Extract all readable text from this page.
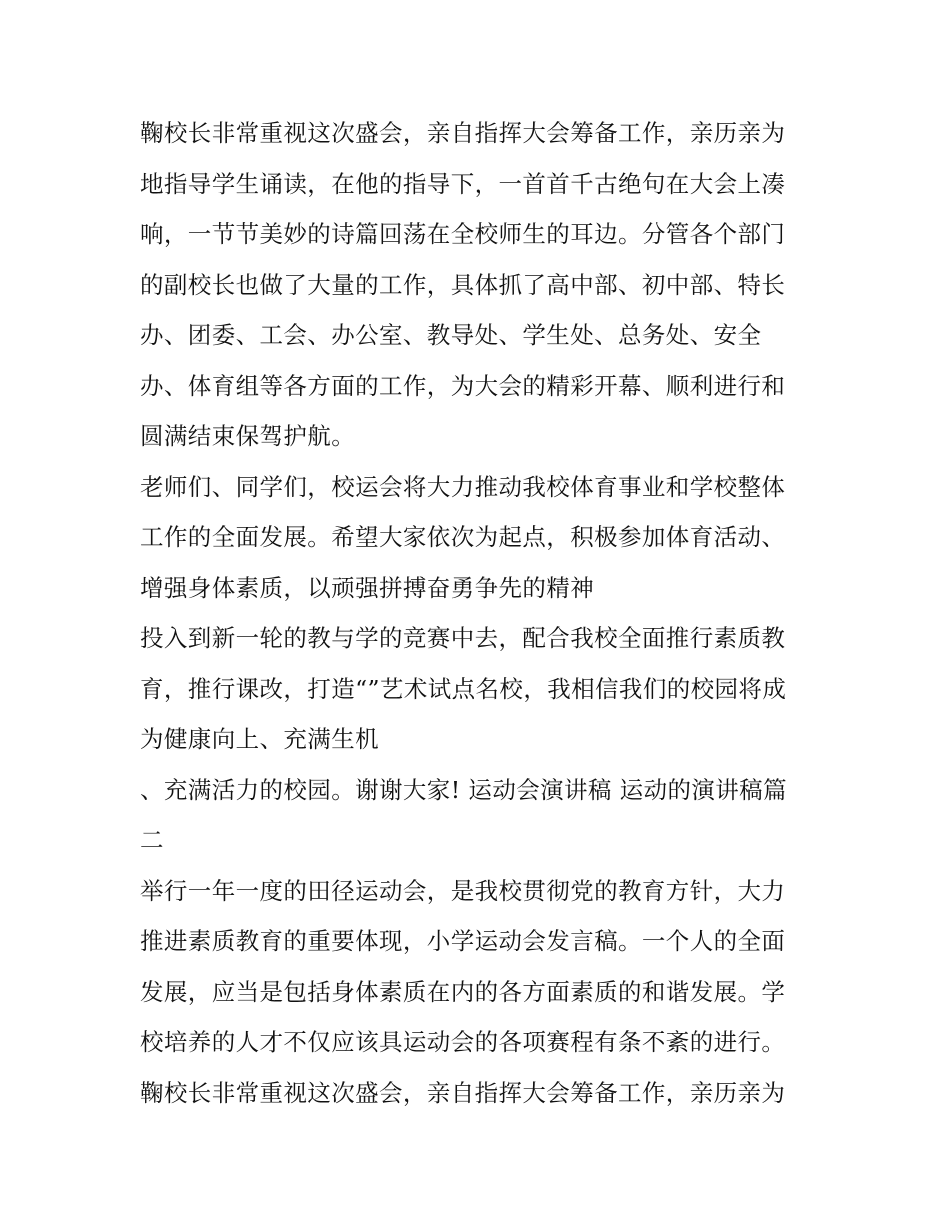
鞠校长非常重视这次盛会，亲自指挥大会筹备工作，亲历亲为
地指导学生诵读，在他的指导下，一首首千古绝句在大会上凑
响，一节节美妙的诗篇回荡在全校师生的耳边。分管各个部门
的副校长也做了大量的工作，具体抓了高中部、初中部、特长
办、团委、工会、办公室、教导处、学生处、总务处、安全
办、体育组等各方面的工作，为大会的精彩开幕、顺利进行和
圆满结束保驾护航。
老师们、同学们，校运会将大力推动我校体育事业和学校整体
工作的全面发展。希望大家依次为起点，积极参加体育活动、
增强身体素质，以顽强拼搏奋勇争先的精神
投入到新一轮的教与学的竞赛中去，配合我校全面推行素质教
育，推行课改，打造“”艺术试点名校，我相信我们的校园将成
为健康向上、充满生机
、充满活力的校园。谢谢大家! 运动会演讲稿 运动的演讲稿篇
二
举行一年一度的田径运动会，是我校贯彻党的教育方针，大力
推进素质教育的重要体现，小学运动会发言稿。一个人的全面
发展，应当是包括身体素质在内的各方面素质的和谐发展。学
校培养的人才不仅应该具运动会的各项赛程有条不紊的进行。
鞠校长非常重视这次盛会，亲自指挥大会筹备工作，亲历亲为
